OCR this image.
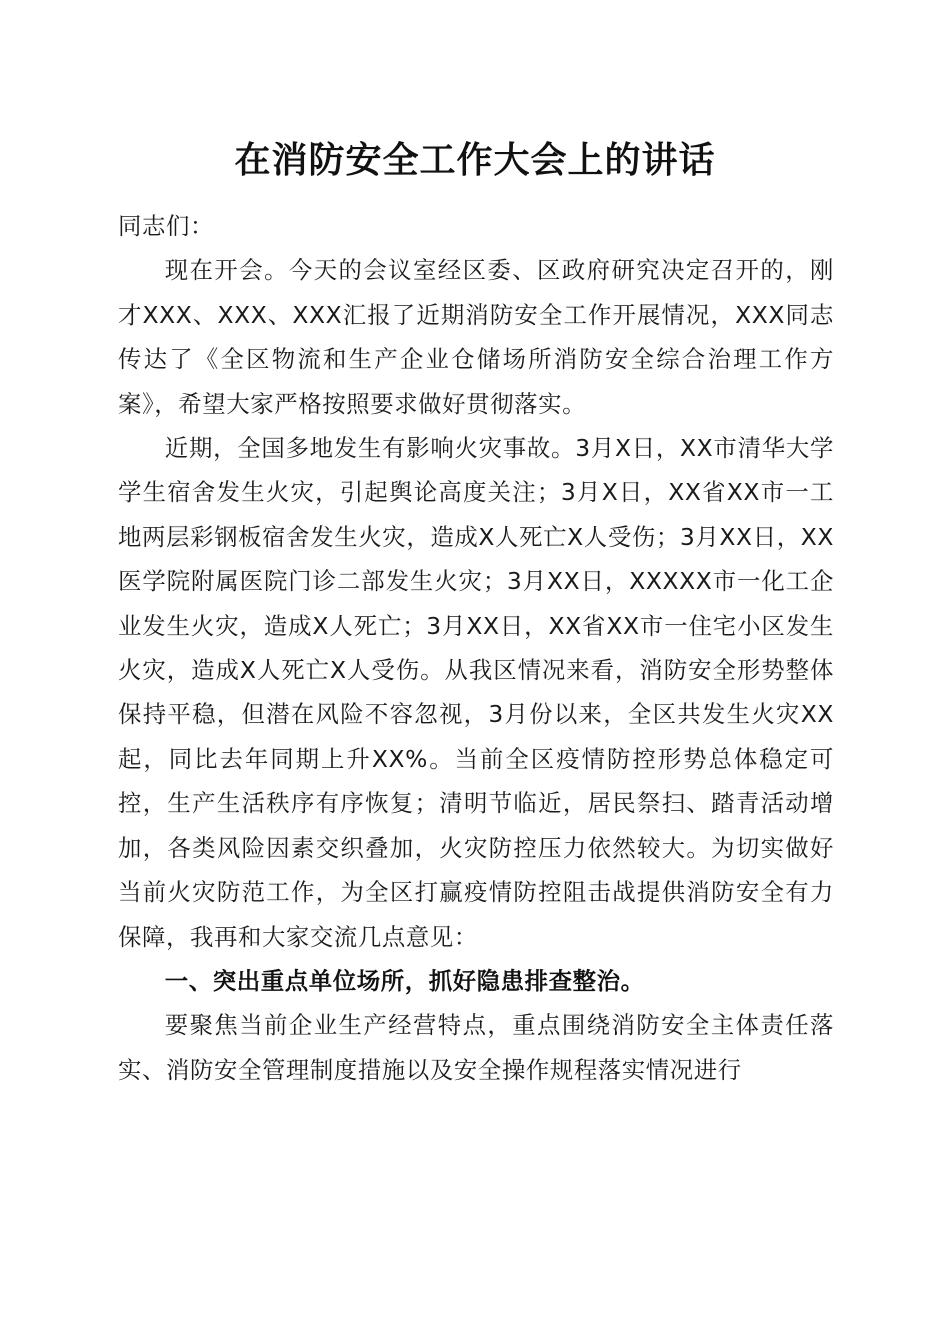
在消防安全工作大会上的讲话

同志们：

现在开会。今天的会议室经区委、区政府研究决定召开的，刚才XXX、XXX、XXX汇报了近期消防安全工作开展情况，XXX同志传达了《全区物流和生产企业仓储场所消防安全综合治理工作方案》，希望大家严格按照要求做好贯彻落实。

近期，全国多地发生有影响火灾事故。3月X日，XX市清华大学学生宿舍发生火灾，引起舆论高度关注；3月X日，XX省XX市一工地两层彩钢板宿舍发生火灾，造成X人死亡X人受伤；3月XX日，XX医学院附属医院门诊二部发生火灾；3月XX日，XXXXX市一化工企业发生火灾，造成X人死亡；3月XX日，XX省XX市一住宅小区发生火灾，造成X人死亡X人受伤。从我区情况来看，消防安全形势整体保持平稳，但潜在风险不容忽视，3月份以来，全区共发生火灾XX起，同比去年同期上升XX%。当前全区疫情防控形势总体稳定可控，生产生活秩序有序恢复；清明节临近，居民祭扫、踏青活动增加，各类风险因素交织叠加，火灾防控压力依然较大。为切实做好当前火灾防范工作，为全区打赢疫情防控阻击战提供消防安全有力保障，我再和大家交流几点意见：

一、突出重点单位场所，抓好隐患排查整治。

要聚焦当前企业生产经营特点，重点围绕消防安全主体责任落实、消防安全管理制度措施以及安全操作规程落实情况进行
